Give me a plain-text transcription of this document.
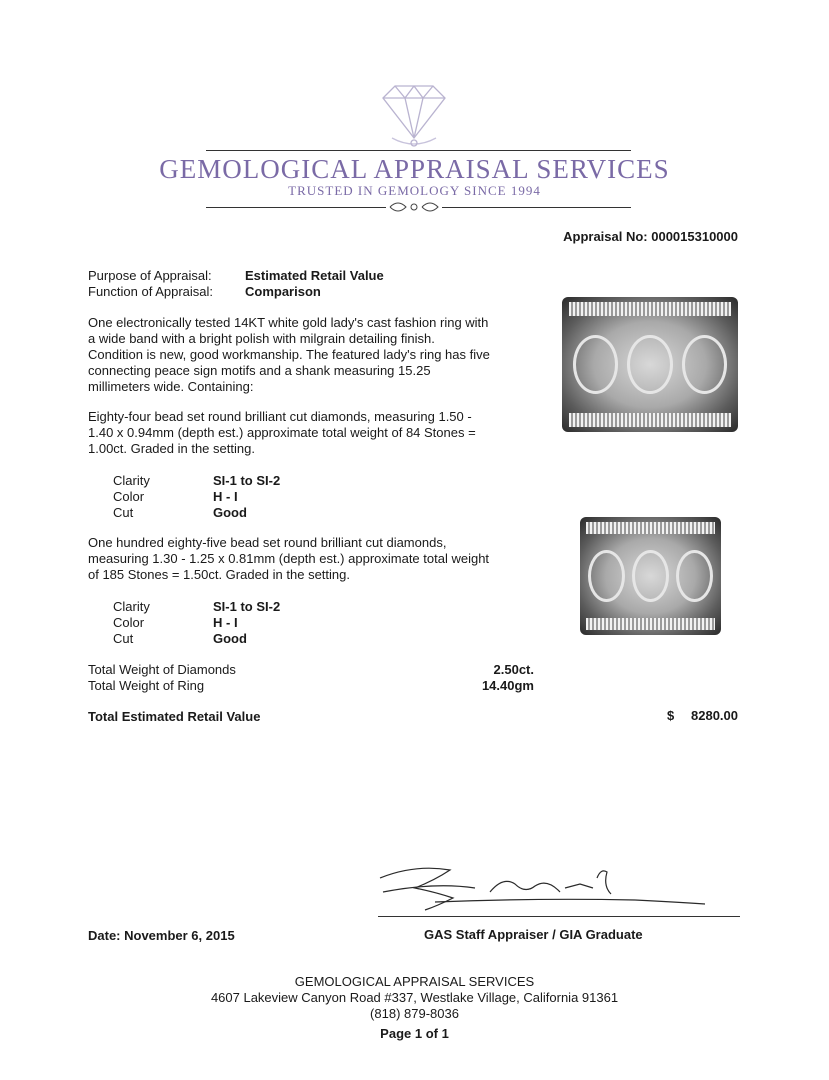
GEMOLOGICAL APPRAISAL SERVICES
TRUSTED IN GEMOLOGY SINCE 1994
Appraisal No: 000015310000
Purpose of Appraisal:	Estimated Retail Value
Function of Appraisal: Comparison
One electronically tested 14KT white gold lady's cast fashion ring with a wide band with a bright polish with milgrain detailing finish. Condition is new, good workmanship. The featured lady's ring has five connecting peace sign motifs and a shank measuring 15.25 millimeters wide. Containing:
Eighty-four bead set round brilliant cut diamonds, measuring 1.50 - 1.40 x 0.94mm (depth est.) approximate total weight of 84 Stones = 1.00ct. Graded in the setting.
Clarity	SI-1 to SI-2
Color	H - I
Cut	Good
One hundred eighty-five bead set round brilliant cut diamonds, measuring 1.30 - 1.25 x 0.81mm (depth est.) approximate total weight of 185 Stones = 1.50ct. Graded in the setting.
Clarity	SI-1 to SI-2
Color	H - I
Cut	Good
Total Weight of Diamonds	2.50ct.
Total Weight of Ring	14.40gm
Total Estimated Retail Value	$ 8280.00
Date: November 6, 2015	GAS Staff Appraiser / GIA Graduate
GEMOLOGICAL APPRAISAL SERVICES
4607 Lakeview Canyon Road #337, Westlake Village, California 91361
(818) 879-8036
Page 1 of 1
